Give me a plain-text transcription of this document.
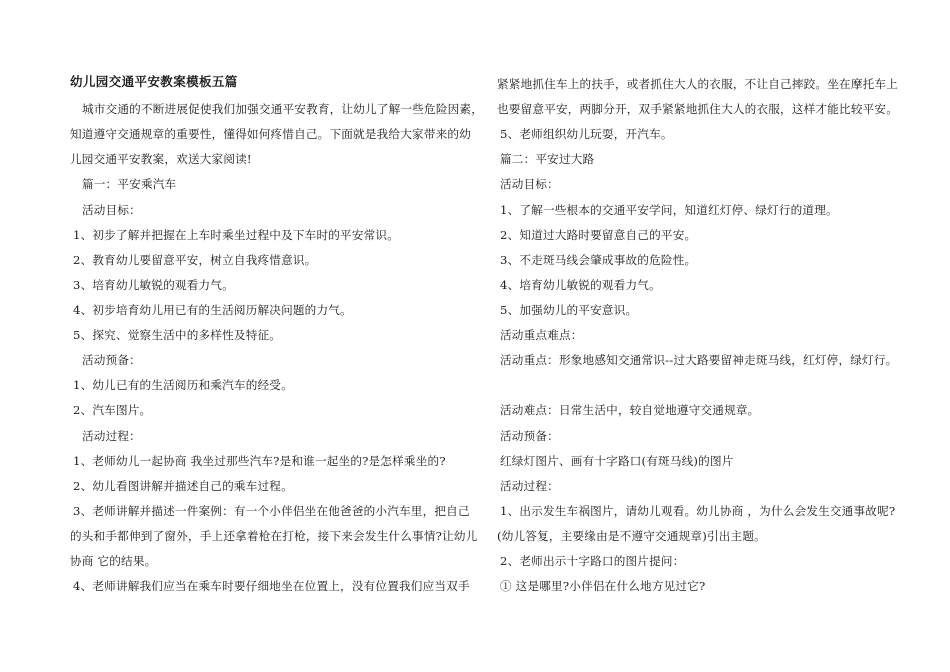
幼儿园交通平安教案模板五篇
城市交通的不断进展促使我们加强交通平安教育，让幼儿了解一些危险因素，
知道遵守交通规章的重要性，懂得如何疼惜自己。下面就是我给大家带来的幼
儿园交通平安教案，欢送大家阅读!
篇一：平安乘汽车
活动目标：
1、初步了解并把握在上车时乘坐过程中及下车时的平安常识。
2、教育幼儿要留意平安，树立自我疼惜意识。
3、培育幼儿敏锐的观看力气。
4、初步培育幼儿用已有的生活阅历解决问题的力气。
5、探究、觉察生活中的多样性及特征。
活动预备：
1、幼儿已有的生活阅历和乘汽车的经受。
2、汽车图片。
活动过程：
1、老师幼儿一起协商 我坐过那些汽车?是和谁一起坐的?是怎样乘坐的?
2、幼儿看图讲解并描述自己的乘车过程。
3、老师讲解并描述一件案例：有一个小伴侣坐在他爸爸的小汽车里，把自己
的头和手都伸到了窗外，手上还拿着枪在打枪，接下来会发生什么事情?让幼儿
协商 它的结果。
4、老师讲解我们应当在乘车时要仔细地坐在位置上，没有位置我们应当双手
紧紧地抓住车上的扶手，或者抓住大人的衣服，不让自己摔跤。坐在摩托车上
也要留意平安，两脚分开，双手紧紧地抓住大人的衣服，这样才能比较平安。
5、老师组织幼儿玩耍，开汽车。
篇二：平安过大路
活动目标：
1、了解一些根本的交通平安学问，知道红灯停、绿灯行的道理。
2、知道过大路时要留意自己的平安。
3、不走斑马线会肇成事故的危险性。
4、培育幼儿敏锐的观看力气。
5、加强幼儿的平安意识。
活动重点难点：
活动重点：形象地感知交通常识--过大路要留神走斑马线，红灯停，绿灯行。
活动难点：日常生活中，较自觉地遵守交通规章。
活动预备：
红绿灯图片、画有十字路口(有斑马线)的图片
活动过程：
1、出示发生车祸图片，请幼儿观看。幼儿协商 ，为什么会发生交通事故呢?
(幼儿答复，主要缘由是不遵守交通规章)引出主题。
2、老师出示十字路口的图片提问：
① 这是哪里?小伴侣在什么地方见过它?
